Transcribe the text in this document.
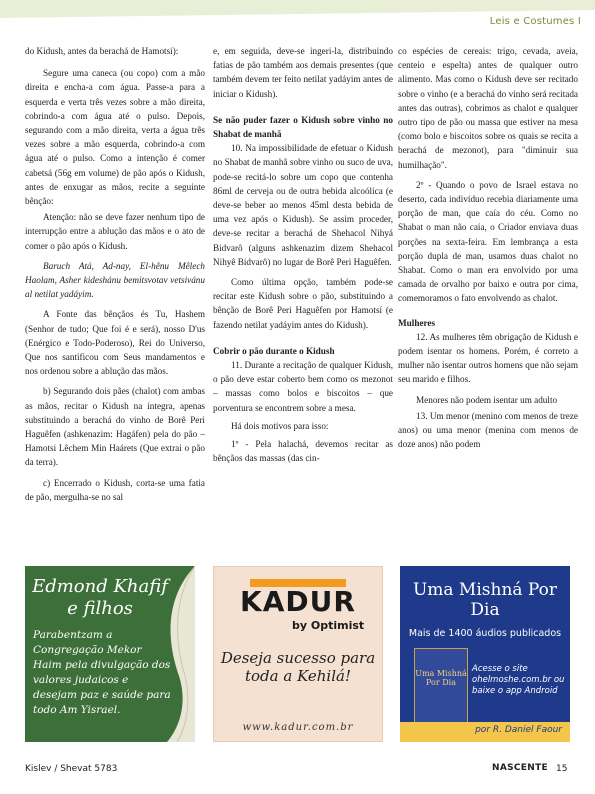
Leis e Costumes I

do Kidush, antes da berachá de Hamotsí):

Segure uma caneca (ou copo) com a mão direita e encha-a com água. Passe-a para a esquerda e verta três vezes sobre a mão direita, cobrindo-a com água até o pulso. Depois, segurando com a mão direita, verta a água três vezes sobre a mão esquerda, cobrindo-a com água até o pulso. Como a intenção é comer cabetsá (56g em volume) de pão após o Kidush, antes de enxugar as mãos, recite a seguinte bênção:

Atenção: não se deve fazer nenhum tipo de interrupção entre a ablução das mãos e o ato de comer o pão após o Kidush.

Baruch Atá, Ad-nay, El-hênu Mêlech Haolam, Asher kideshánu bemitsvotav vetsivánu al netilat yadáyim.

A Fonte das bênçãos és Tu, Hashem (Senhor de tudo; Que foi é e será), nosso D'us (Enérgico e Todo-Poderoso), Rei do Universo, Que nos santificou com Seus mandamentos e nos ordenou sobre a ablução das mãos.

b) Segurando dois pães (chalot) com ambas as mãos, recitar o Kidush na íntegra, apenas substituindo a berachá do vinho de Borê Peri Haguêfen (ashkenazim: Hagáfen) pela do pão – Hamotsi Lêchem Min Haárets (Que extrai o pão da terra).

c) Encerrado o Kidush, corta-se uma fatia de pão, mergulha-se no sal

e, em seguida, deve-se ingeri-la, distribuindo fatias de pão também aos demais presentes (que também devem ter feito netilat yadáyim antes de iniciar o Kidush).

Se não puder fazer o Kidush sobre vinho no Shabat de manhã

10. Na impossibilidade de efetuar o Kidush no Shabat de manhã sobre vinho ou suco de uva, pode-se recitá-lo sobre um copo que contenha 86ml de cerveja ou de outra bebida alcoólica (e deve-se beber ao menos 45ml desta bebida de uma vez após o Kidush). Se assim proceder, deve-se recitar a berachá de Shehacol Nihyá Bidvarô (alguns ashkenazim dizem Shehacol Nihyê Bidvarô) no lugar de Borê Peri Haguêfen.

Como última opção, também pode-se recitar este Kidush sobre o pão, substituindo a bênção de Borê Peri Haguêfen por Hamotsí (e fazendo netilat yadáyim antes do Kidush).

Cobrir o pão durante o Kidush

11. Durante a recitação de qualquer Kidush, o pão deve estar coberto bem como os mezonot – massas como bolos e biscoitos – que porventura se encontrem sobre a mesa.

Há dois motivos para isso:

1º - Pela halachá, devemos recitar as bênçãos das massas (das cin-

co espécies de cereais: trigo, cevada, aveia, centeio e espelta) antes de qualquer outro alimento. Mas como o Kidush deve ser recitado sobre o vinho (e a berachá do vinho será recitada antes das outras), cobrimos as chalot e qualquer outro tipo de pão ou massa que estiver na mesa (como bolo e biscoitos sobre os quais se recita a berachá de mezonot), para "diminuir sua humilhação".

2º - Quando o povo de Israel estava no deserto, cada indivíduo recebia diariamente uma porção de man, que caía do céu. Como no Shabat o man não caía, o Criador enviava duas porções na sexta-feira. Em lembrança a esta porção dupla de man, usamos duas chalot no Shabat. Como o man era envolvido por uma camada de orvalho por baixo e outra por cima, comemoramos o fato envolvendo as chalot.

Mulheres

12. As mulheres têm obrigação de Kidush e podem isentar os homens. Porém, é correto a mulher não isentar outros homens que não sejam seu marido e filhos.

Menores não podem isentar um adulto

13. Um menor (menino com menos de treze anos) ou uma menor (menina com menos de doze anos) não podem

Edmond Khafif e filhos
Parabentzam a Congregação Mekor Haim pela divulgação dos valores judaicos e desejam paz e saúde para todo Am Yisrael.
KADUR
by Optimist
Deseja sucesso para toda a Kehilá!
www.kadur.com.br
Uma Mishná Por Dia
Mais de 1400 áudios publicados
Uma Mishná Por Dia
Acesse o site ohelmoshe.com.br ou baixe o app Android
por R. Daniel Faour
Kislev / Shevat 5783	NASCENTE 15
